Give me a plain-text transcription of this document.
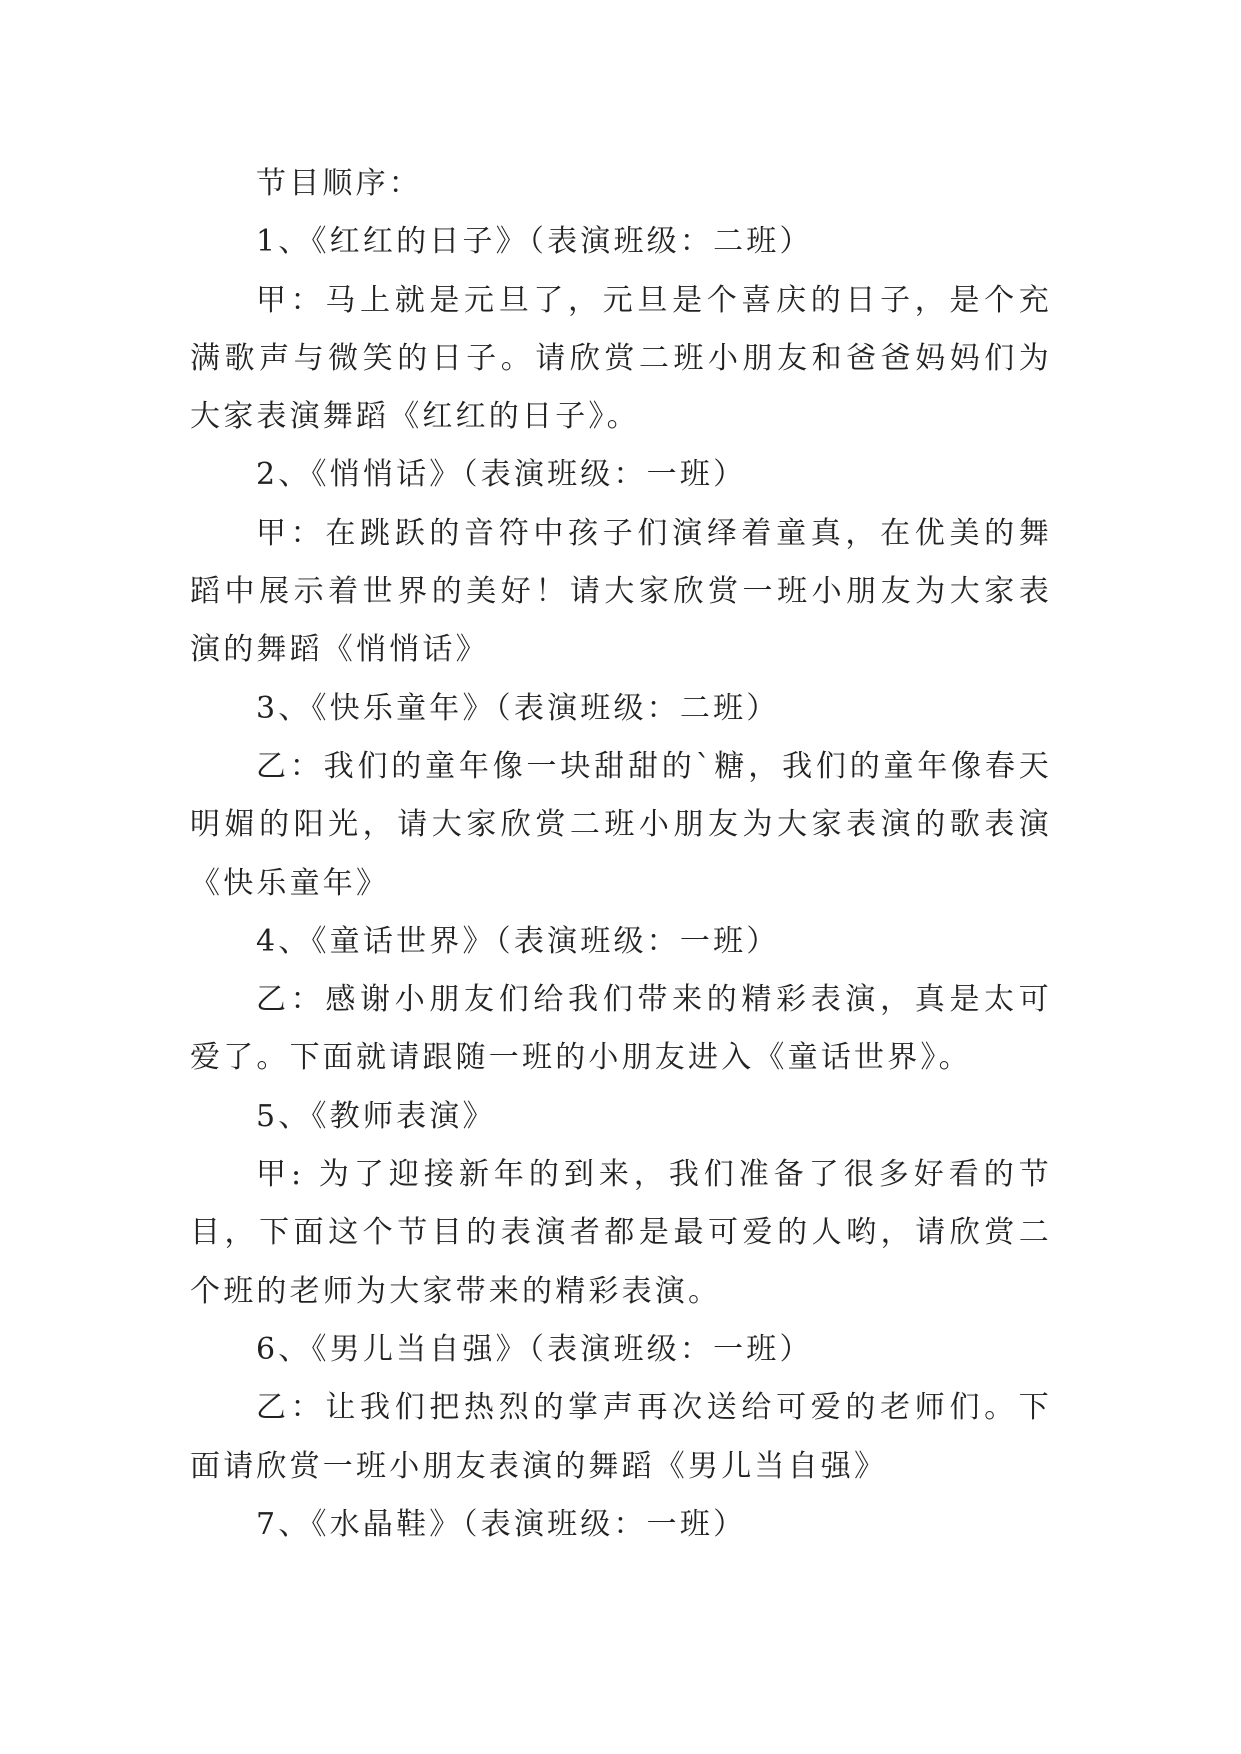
节目顺序：

1、《红红的日子》（表演班级：二班）

甲：马上就是元旦了，元旦是个喜庆的日子，是个充满歌声与微笑的日子。请欣赏二班小朋友和爸爸妈妈们为大家表演舞蹈《红红的日子》。

2、《悄悄话》（表演班级：一班）

甲：在跳跃的音符中孩子们演绎着童真，在优美的舞蹈中展示着世界的美好！请大家欣赏一班小朋友为大家表演的舞蹈《悄悄话》

3、《快乐童年》（表演班级：二班）

乙：我们的童年像一块甜甜的`糖，我们的童年像春天明媚的阳光，请大家欣赏二班小朋友为大家表演的歌表演《快乐童年》

4、《童话世界》（表演班级：一班）

乙：感谢小朋友们给我们带来的精彩表演，真是太可爱了。下面就请跟随一班的小朋友进入《童话世界》。

5、《教师表演》

甲: 为了迎接新年的到来，我们准备了很多好看的节目，下面这个节目的表演者都是最可爱的人哟，请欣赏二个班的老师为大家带来的精彩表演。

6、《男儿当自强》（表演班级：一班）

乙：让我们把热烈的掌声再次送给可爱的老师们。下面请欣赏一班小朋友表演的舞蹈《男儿当自强》

7、《水晶鞋》（表演班级：一班）
